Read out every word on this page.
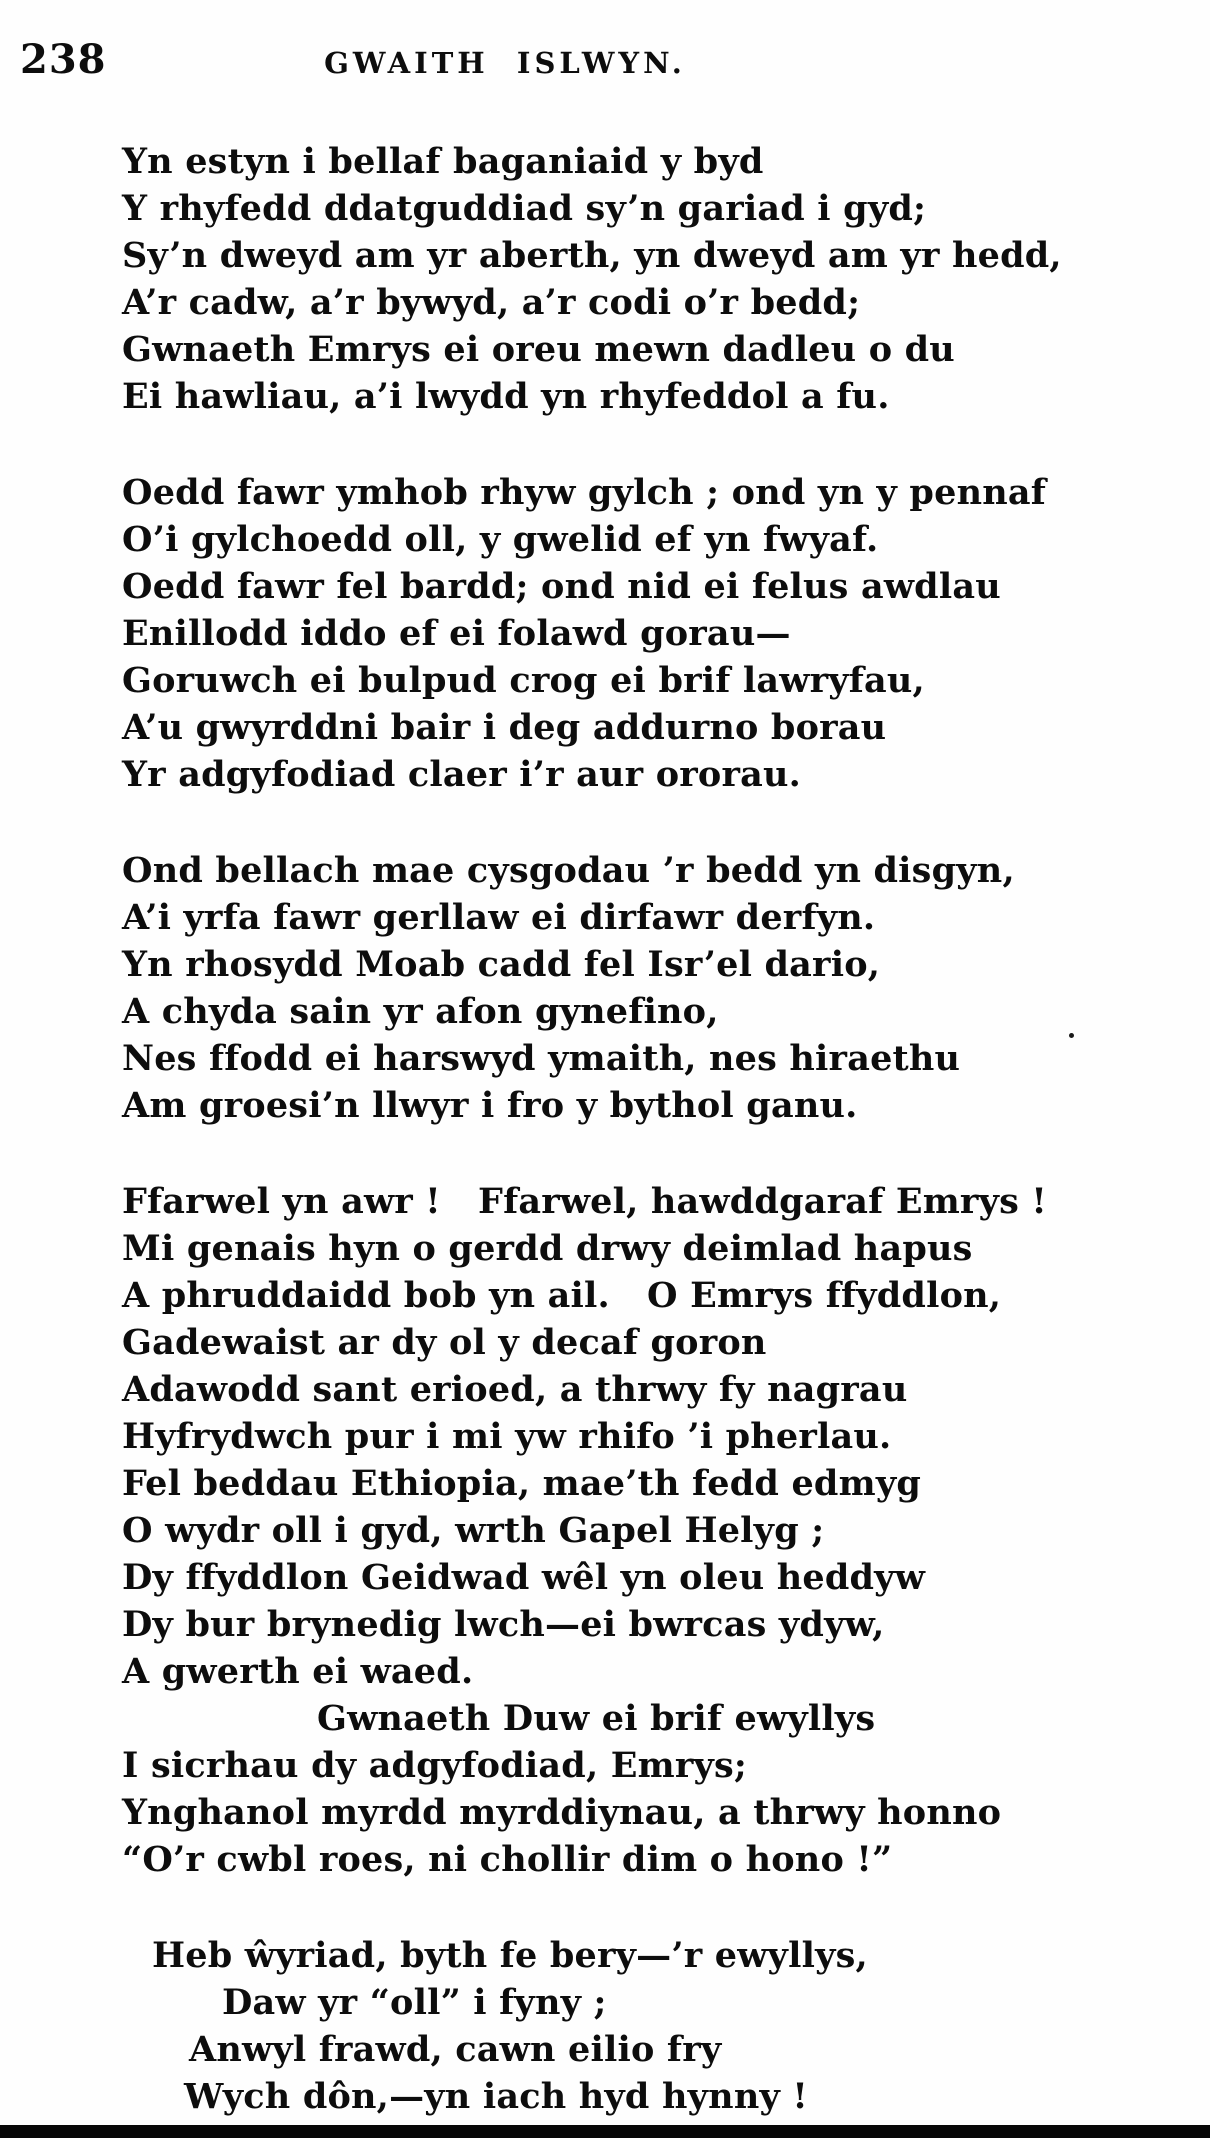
238	GWAITH  ISLWYN.
Yn estyn i bellaf baganiaid y byd
Y rhyfedd ddatguddiad sy’n gariad i gyd;
Sy’n dweyd am yr aberth, yn dweyd am yr hedd,
A’r cadw, a’r bywyd, a’r codi o’r bedd;
Gwnaeth Emrys ei oreu mewn dadleu o du
Ei hawliau, a’i lwydd yn rhyfeddol a fu.
Oedd fawr ymhob rhyw gylch ; ond yn y pennaf
O’i gylchoedd oll, y gwelid ef yn fwyaf.
Oedd fawr fel bardd; ond nid ei felus awdlau
Enillodd iddo ef ei folawd gorau—
Goruwch ei bulpud crog ei brif lawryfau,
A’u gwyrddni bair i deg addurno borau
Yr adgyfodiad claer i’r aur ororau.
Ond bellach mae cysgodau ’r bedd yn disgyn,
A’i yrfa fawr gerllaw ei dirfawr derfyn.
Yn rhosydd Moab cadd fel Isr’el dario,
A chyda sain yr afon gynefino,
Nes ffodd ei harswyd ymaith, nes hiraethu
Am groesi’n llwyr i fro y bythol ganu.
Ffarwel yn awr !   Ffarwel, hawddgaraf Emrys !
Mi genais hyn o gerdd drwy deimlad hapus
A phruddaidd bob yn ail.   O Emrys ffyddlon,
Gadewaist ar dy ol y decaf goron
Adawodd sant erioed, a thrwy fy nagrau
Hyfrydwch pur i mi yw rhifo ’i pherlau.
Fel beddau Ethiopia, mae’th fedd edmyg
O wydr oll i gyd, wrth Gapel Helyg ;
Dy ffyddlon Geidwad wêl yn oleu heddyw
Dy bur brynedig lwch—ei bwrcas ydyw,
A gwerth ei waed.
Gwnaeth Duw ei brif ewyllys
I sicrhau dy adgyfodiad, Emrys;
Ynghanol myrdd myrddiynau, a thrwy honno
“O’r cwbl roes, ni chollir dim o hono !”
Heb ŵyriad, byth fe bery—’r ewyllys,
Daw yr “oll” i fyny ;
Anwyl frawd, cawn eilio fry
Wych dôn,—yn iach hyd hynny !
